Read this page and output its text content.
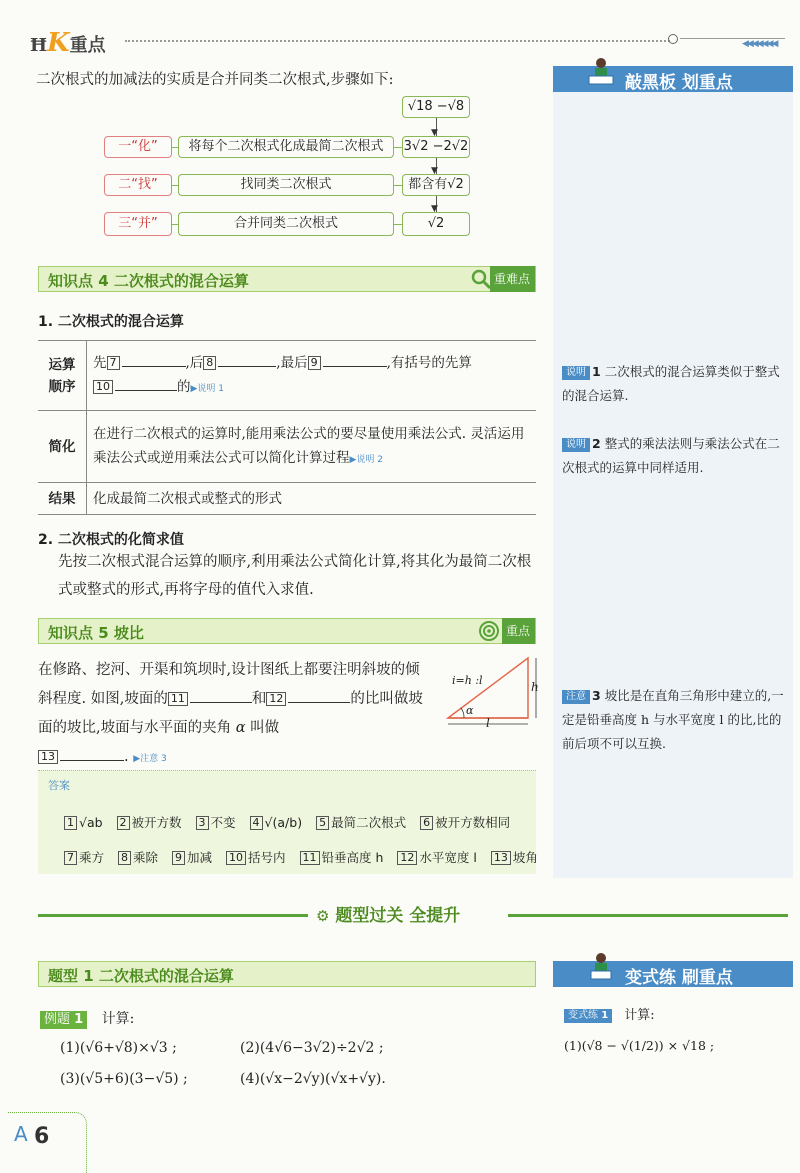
ĦK重点	◀◀◀◀◀◀◀
敲黑板 划重点
说明 1 二次根式的混合运算类似于整式的混合运算.
说明 2 整式的乘法法则与乘法公式在二次根式的运算中同样适用.
注意 3 坡比是在直角三角形中建立的,一定是铅垂高度 h 与水平宽度 l 的比,比的前后项不可以互换.
二次根式的加减法的实质是合并同类二次根式,步骤如下:
√18 −√8
▼
一“化”	将每个二次根式化成最简二次根式	3√2 −2√2
▼
二“找”	找同类二次根式	都含有√2
▼
三“并”	合并同类二次根式	√2
知识点 4 二次根式的混合运算	重难点
1. 二次根式的混合运算
运算
顺序	先 7 ,后 8 ,最后 9 ,有括号的先算
10 的▶说明 1
简化	在进行二次根式的运算时,能用乘法公式的要尽量使用乘法公式. 灵活运用乘法公式或逆用乘法公式可以简化计算过程▶说明 2
结果	化成最简二次根式或整式的形式
2. 二次根式的化简求值
先按二次根式混合运算的顺序,利用乘法公式简化计算,将其化为最简二次根式或整式的形式,再将字母的值代入求值.
知识点 5 坡比	重点
在修路、挖河、开渠和筑坝时,设计图纸上都要注明斜坡的倾斜程度. 如图,坡面的 11	和 12	的比叫做坡面的坡比,坡面与水平面的夹角 α 叫做
13	. ▶注意 3
i=h :l	h
l
α
答案
1 √ab 2 被开方数 3 不变 4 √(a/b) 5 最简二次根式 6 被开方数相同
7 乘方 8 乘除 9 加减 10 括号内 11 铅垂高度 h 12 水平宽度 l 13 坡角
⚙ 题型过关 全提升
题型 1 二次根式的混合运算	变式练 刷重点
例题 1 计算:
(1)(√6+√8)×√3 ;	(2)(4√6−3√2)÷2√2 ;
(3)(√5+6)(3−√5) ;	(4)(√x−2√y)(√x+√y).
变式练 1 计算:
(1)(√8 − √(1/2)) × √18 ;
A 6
